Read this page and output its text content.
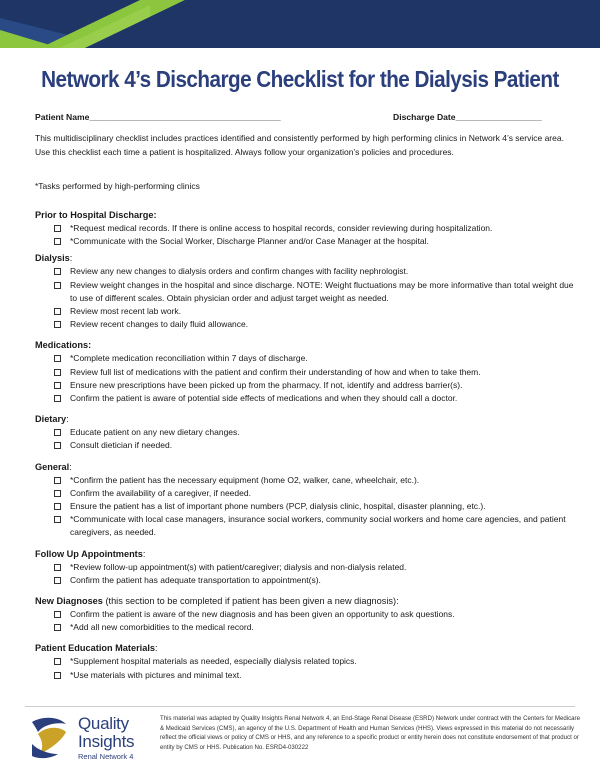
Network 4’s Discharge Checklist for the Dialysis Patient
Patient Name________________________________________	Discharge Date__________________
This multidisciplinary checklist includes practices identified and consistently performed by high performing clinics in Network 4’s service area. Use this checklist each time a patient is hospitalized. Always follow your organization’s policies and procedures.
*Tasks performed by high-performing clinics
Prior to Hospital Discharge:
*Request medical records. If there is online access to hospital records, consider reviewing during hospitalization.
*Communicate with the Social Worker, Discharge Planner and/or Case Manager at the hospital.
Dialysis:
Review any new changes to dialysis orders and confirm changes with facility nephrologist.
Review weight changes in the hospital and since discharge. NOTE: Weight fluctuations may be more informative than total weight due to use of different scales. Obtain physician order and adjust target weight as needed.
Review most recent lab work.
Review recent changes to daily fluid allowance.
Medications:
*Complete medication reconciliation within 7 days of discharge.
Review full list of medications with the patient and confirm their understanding of how and when to take them.
Ensure new prescriptions have been picked up from the pharmacy. If not, identify and address barrier(s).
Confirm the patient is aware of potential side effects of medications and when they should call a doctor.
Dietary:
Educate patient on any new dietary changes.
Consult dietician if needed.
General:
*Confirm the patient has the necessary equipment (home O2, walker, cane, wheelchair, etc.).
Confirm the availability of a caregiver, if needed.
Ensure the patient has a list of important phone numbers (PCP, dialysis clinic, hospital, disaster planning, etc.).
*Communicate with local case managers, insurance social workers, community social workers and home care agencies, and patient caregivers, as needed.
Follow Up Appointments:
*Review follow-up appointment(s) with patient/caregiver; dialysis and non-dialysis related.
Confirm the patient has adequate transportation to appointment(s).
New Diagnoses (this section to be completed if patient has been given a new diagnosis):
Confirm the patient is aware of the new diagnosis and has been given an opportunity to ask questions.
*Add all new comorbidities to the medical record.
Patient Education Materials:
*Supplement hospital materials as needed, especially dialysis related topics.
*Use materials with pictures and minimal text.
Quality
Insights
Renal Network 4
This material was adapted by Quality Insights Renal Network 4, an End-Stage Renal Disease (ESRD) Network under contract with the Centers for Medicare & Medicaid Services (CMS), an agency of the U.S. Department of Health and Human Services (HHS). Views expressed in this material do not necessarily reflect the official views or policy of CMS or HHS, and any reference to a specific product or entity herein does not constitute endorsement of that product or entity by CMS or HHS. Publication No. ESRD4-030222
